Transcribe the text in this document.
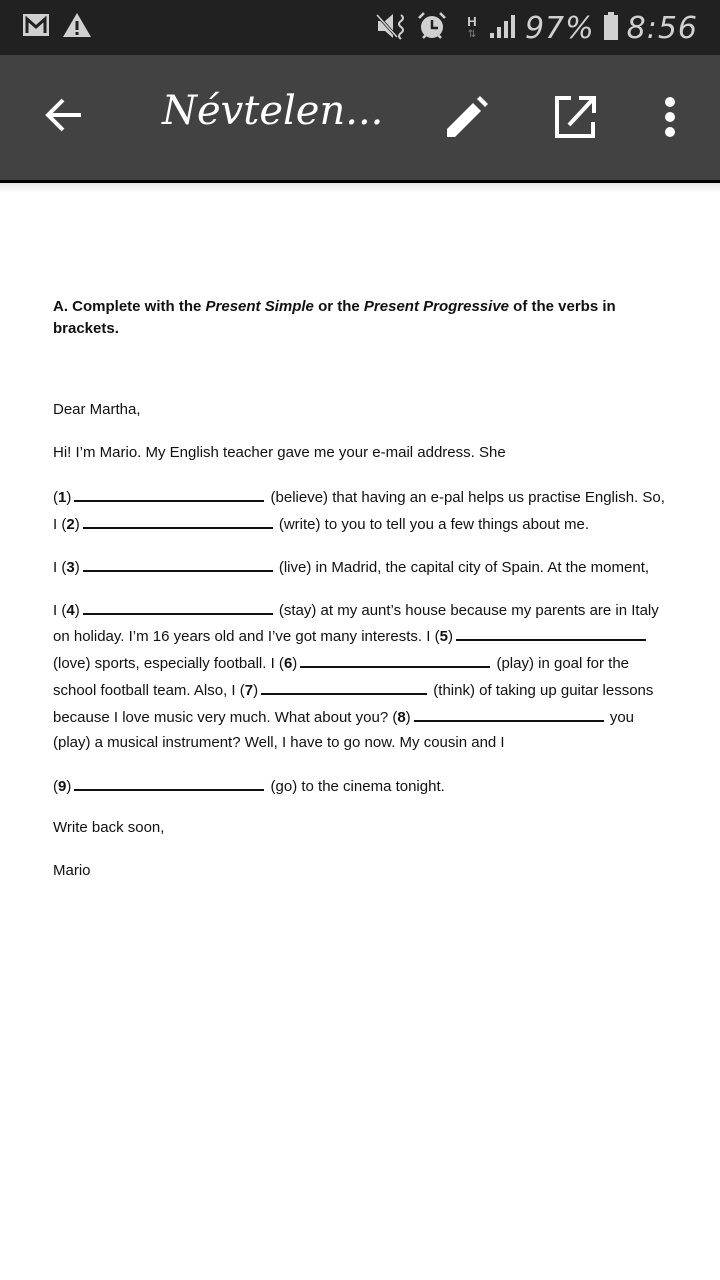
H
⇅ 97% 8:56
Névtelen...
A. Complete with the Present Simple or the Present Progressive of the verbs in
brackets.
Dear Martha,
Hi! I’m Mario. My English teacher gave me your e-mail address. She
(1)	(believe) that having an e-pal helps us practise English. So,
I (2)	(write) to you to tell you a few things about me.
I (3)	(live) in Madrid, the capital city of Spain. At the moment,
I (4)	(stay) at my aunt’s house because my parents are in Italy
on holiday. I’m 16 years old and I’ve got many interests. I (5)
(love) sports, especially football. I (6)	(play) in goal for the
school football team. Also, I (7)	(think) of taking up guitar lessons
because I love music very much. What about you? (8)	you
(play) a musical instrument? Well, I have to go now. My cousin and I
(9)	(go) to the cinema tonight.
Write back soon,
Mario
